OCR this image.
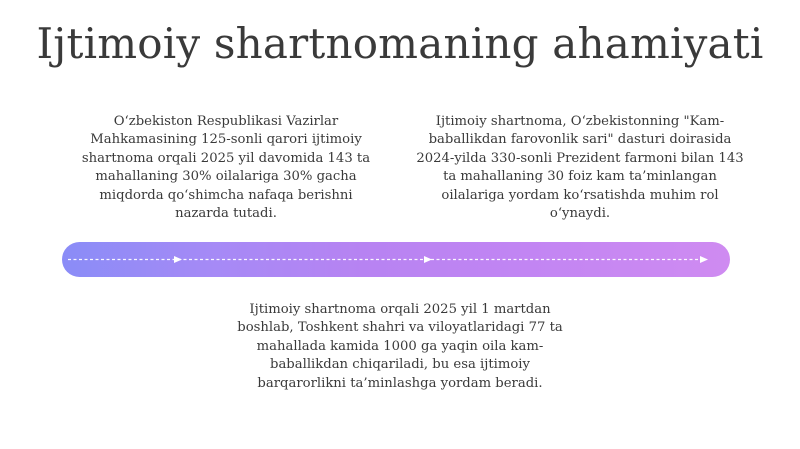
Ijtimoiy shartnomaning ahamiyati
O‘zbekiston Respublikasi Vazirlar Mahkamasining 125-sonli qarori ijtimoiy shartnoma orqali 2025 yil davomida 143 ta mahallaning 30% oilalariga 30% gacha miqdorda qo‘shimcha nafaqa berishni nazarda tutadi.
Ijtimoiy shartnoma, O‘zbekistonning "Kam-baballikdan farovonlik sari" dasturi doirasida 2024-yilda 330-sonli Prezident farmoni bilan 143 ta mahallaning 30 foiz kam ta’minlangan oilalariga yordam ko‘rsatishda muhim rol o‘ynaydi.
Ijtimoiy shartnoma orqali 2025 yil 1 martdan boshlab, Toshkent shahri va viloyatlaridagi 77 ta mahallada kamida 1000 ga yaqin oila kam-baballikdan chiqariladi, bu esa ijtimoiy barqarorlikni ta’minlashga yordam beradi.
